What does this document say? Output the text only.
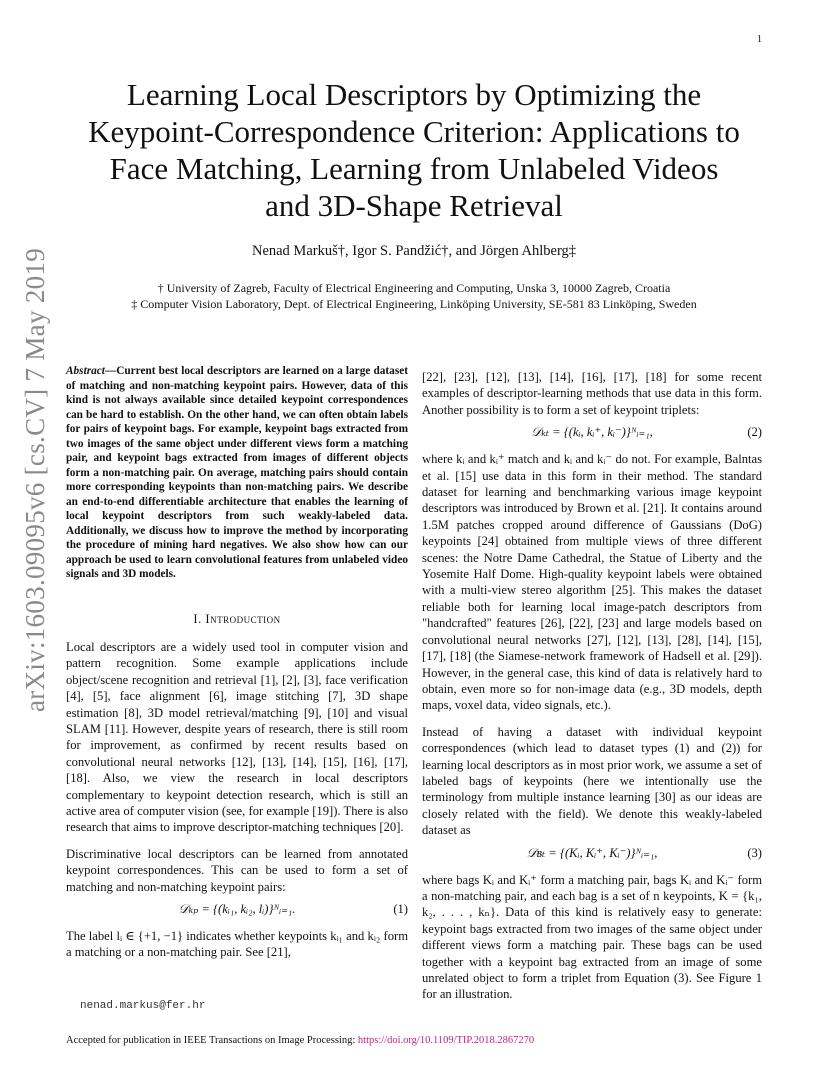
1
arXiv:1603.09095v6 [cs.CV] 7 May 2019
Learning Local Descriptors by Optimizing the
Keypoint-Correspondence Criterion: Applications to
Face Matching, Learning from Unlabeled Videos
and 3D-Shape Retrieval
Nenad Markuš†, Igor S. Pandžić†, and Jörgen Ahlberg‡
† University of Zagreb, Faculty of Electrical Engineering and Computing, Unska 3, 10000 Zagreb, Croatia
‡ Computer Vision Laboratory, Dept. of Electrical Engineering, Linköping University, SE-581 83 Linköping, Sweden
Abstract—Current best local descriptors are learned on a large dataset of matching and non-matching keypoint pairs. However, data of this kind is not always available since detailed keypoint correspondences can be hard to establish. On the other hand, we can often obtain labels for pairs of keypoint bags. For example, keypoint bags extracted from two images of the same object under different views form a matching pair, and keypoint bags extracted from images of different objects form a non-matching pair. On average, matching pairs should contain more corresponding keypoints than non-matching pairs. We describe an end-to-end differentiable architecture that enables the learning of local keypoint descriptors from such weakly-labeled data. Additionally, we discuss how to improve the method by incorporating the procedure of mining hard negatives. We also show how can our approach be used to learn convolutional features from unlabeled video signals and 3D models.
I. Introduction

Local descriptors are a widely used tool in computer vision and pattern recognition. Some example applications include object/scene recognition and retrieval [1], [2], [3], face verification [4], [5], face alignment [6], image stitching [7], 3D shape estimation [8], 3D model retrieval/matching [9], [10] and visual SLAM [11]. However, despite years of research, there is still room for improvement, as confirmed by recent results based on convolutional neural networks [12], [13], [14], [15], [16], [17], [18]. Also, we view the research in local descriptors complementary to keypoint detection research, which is still an active area of computer vision (see, for example [19]). There is also research that aims to improve descriptor-matching techniques [20].

Discriminative local descriptors can be learned from annotated keypoint correspondences. This can be used to form a set of matching and non-matching keypoint pairs:

𝒟ₖₚ = {(kᵢ₁, kᵢ₂, lᵢ)}ᴺᵢ₌₁.	(1)

The label lᵢ ∈ {+1, −1} indicates whether keypoints kᵢ₁ and kᵢ₂ form a matching or a non-matching pair. See [21],

[22], [23], [12], [13], [14], [16], [17], [18] for some recent examples of descriptor-learning methods that use data in this form. Another possibility is to form a set of keypoint triplets:

𝒟ₖₜ = {(kᵢ, kᵢ⁺, kᵢ⁻)}ᴺᵢ₌₁,	(2)

where kᵢ and kᵢ⁺ match and kᵢ and kᵢ⁻ do not. For example, Balntas et al. [15] use data in this form in their method. The standard dataset for learning and benchmarking various image keypoint descriptors was introduced by Brown et al. [21]. It contains around 1.5M patches cropped around difference of Gaussians (DoG) keypoints [24] obtained from multiple views of three different scenes: the Notre Dame Cathedral, the Statue of Liberty and the Yosemite Half Dome. High-quality keypoint labels were obtained with a multi-view stereo algorithm [25]. This makes the dataset reliable both for learning local image-patch descriptors from "handcrafted" features [26], [22], [23] and large models based on convolutional neural networks [27], [12], [13], [28], [14], [15], [17], [18] (the Siamese-network framework of Hadsell et al. [29]). However, in the general case, this kind of data is relatively hard to obtain, even more so for non-image data (e.g., 3D models, depth maps, voxel data, video signals, etc.).

Instead of having a dataset with individual keypoint correspondences (which lead to dataset types (1) and (2)) for learning local descriptors as in most prior work, we assume a set of labeled bags of keypoints (here we intentionally use the terminology from multiple instance learning [30] as our ideas are closely related with the field). We denote this weakly-labeled dataset as

𝒟ʙₜ = {(Kᵢ, Kᵢ⁺, Kᵢ⁻)}ᴺᵢ₌₁,	(3)

where bags Kᵢ and Kᵢ⁺ form a matching pair, bags Kᵢ and Kᵢ⁻ form a non-matching pair, and each bag is a set of n keypoints, K = {k₁, k₂, . . . , kₙ}. Data of this kind is relatively easy to generate: keypoint bags extracted from two images of the same object under different views form a matching pair. These bags can be used together with a keypoint bag extracted from an image of some unrelated object to form a triplet from Equation (3). See Figure 1 for an illustration.

nenad.markus@fer.hr
Accepted for publication in IEEE Transactions on Image Processing: https://doi.org/10.1109/TIP.2018.2867270
